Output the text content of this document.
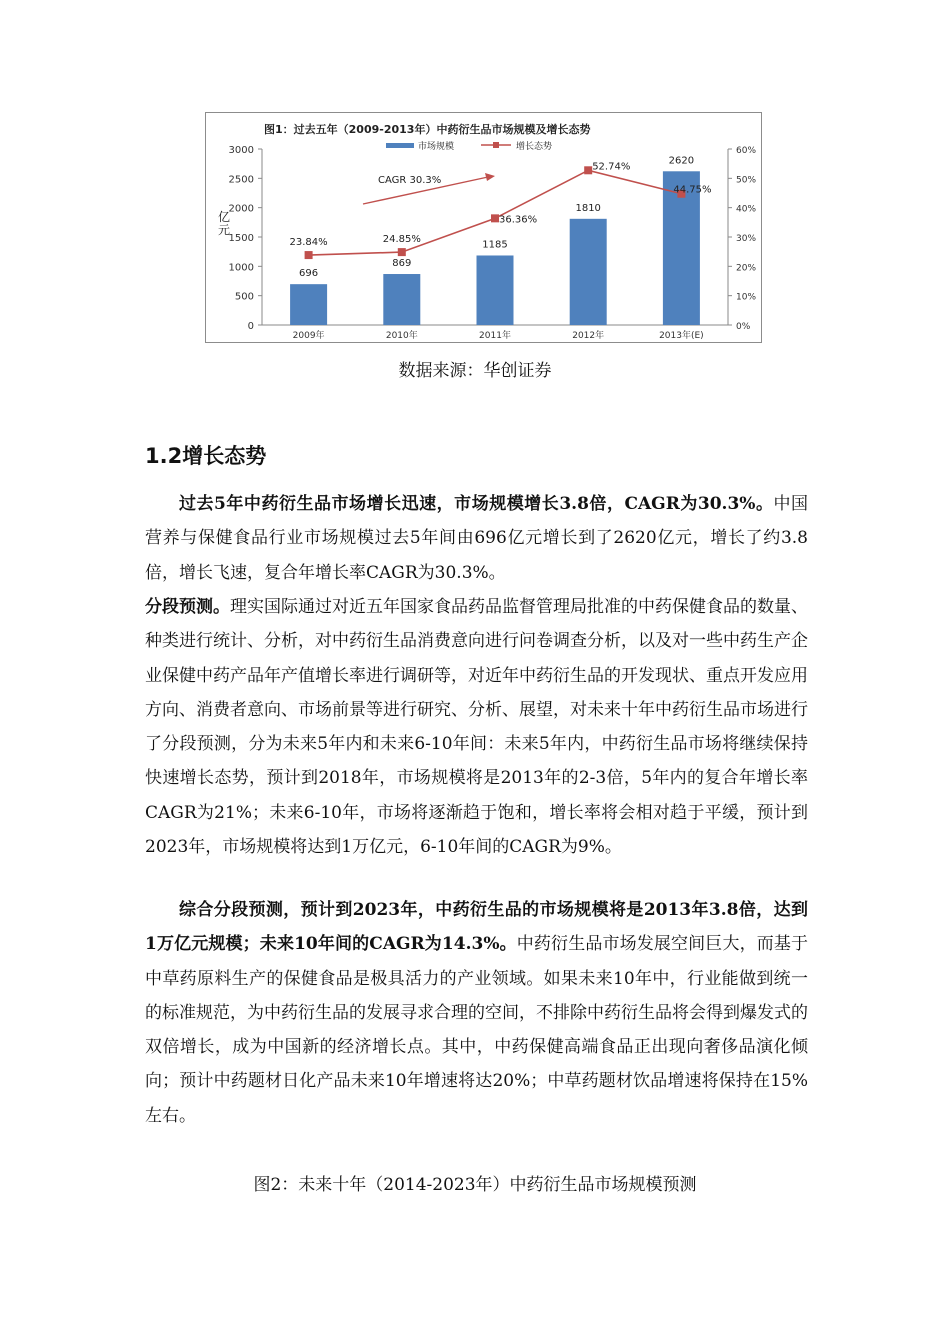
图1：过去五年（2009-2013年）中药衍生品市场规模及增长态势
市场规模	增长态势
0
500
1000
1500
2000
2500
3000
0%
10%
20%
30%
40%
50%
60%
亿
元
696
869
1185
1810
2620
2009年	2010年	2011年	2012年	2013年(E)
23.84%	24.85%
36.36%
52.74%
44.75%
CAGR 30.3%
数据来源：华创证券
1.2增长态势
过去5年中药衍生品市场增长迅速，市场规模增长3.8倍，CAGR为30.3%。中国营养与保健食品行业市场规模过去5年间由696亿元增长到了2620亿元，增长了约3.8倍，增长飞速，复合年增长率CAGR为30.3%。
分段预测。理实国际通过对近五年国家食品药品监督管理局批准的中药保健食品的数量、种类进行统计、分析，对中药衍生品消费意向进行问卷调查分析，以及对一些中药生产企业保健中药产品年产值增长率进行调研等，对近年中药衍生品的开发现状、重点开发应用方向、消费者意向、市场前景等进行研究、分析、展望，对未来十年中药衍生品市场进行了分段预测，分为未来5年内和未来6-10年间：未来5年内，中药衍生品市场将继续保持快速增长态势，预计到2018年，市场规模将是2013年的2-3倍，5年内的复合年增长率CAGR为21%；未来6-10年，市场将逐渐趋于饱和，增长率将会相对趋于平缓，预计到2023年，市场规模将达到1万亿元，6-10年间的CAGR为9%。
综合分段预测，预计到2023年，中药衍生品的市场规模将是2013年3.8倍，达到1万亿元规模；未来10年间的CAGR为14.3%。中药衍生品市场发展空间巨大，而基于中草药原料生产的保健食品是极具活力的产业领域。如果未来10年中，行业能做到统一的标准规范，为中药衍生品的发展寻求合理的空间，不排除中药衍生品将会得到爆发式的双倍增长，成为中国新的经济增长点。其中，中药保健高端食品正出现向奢侈品演化倾向；预计中药题材日化产品未来10年增速将达20%；中草药题材饮品增速将保持在15%左右。
图2：未来十年（2014-2023年）中药衍生品市场规模预测
